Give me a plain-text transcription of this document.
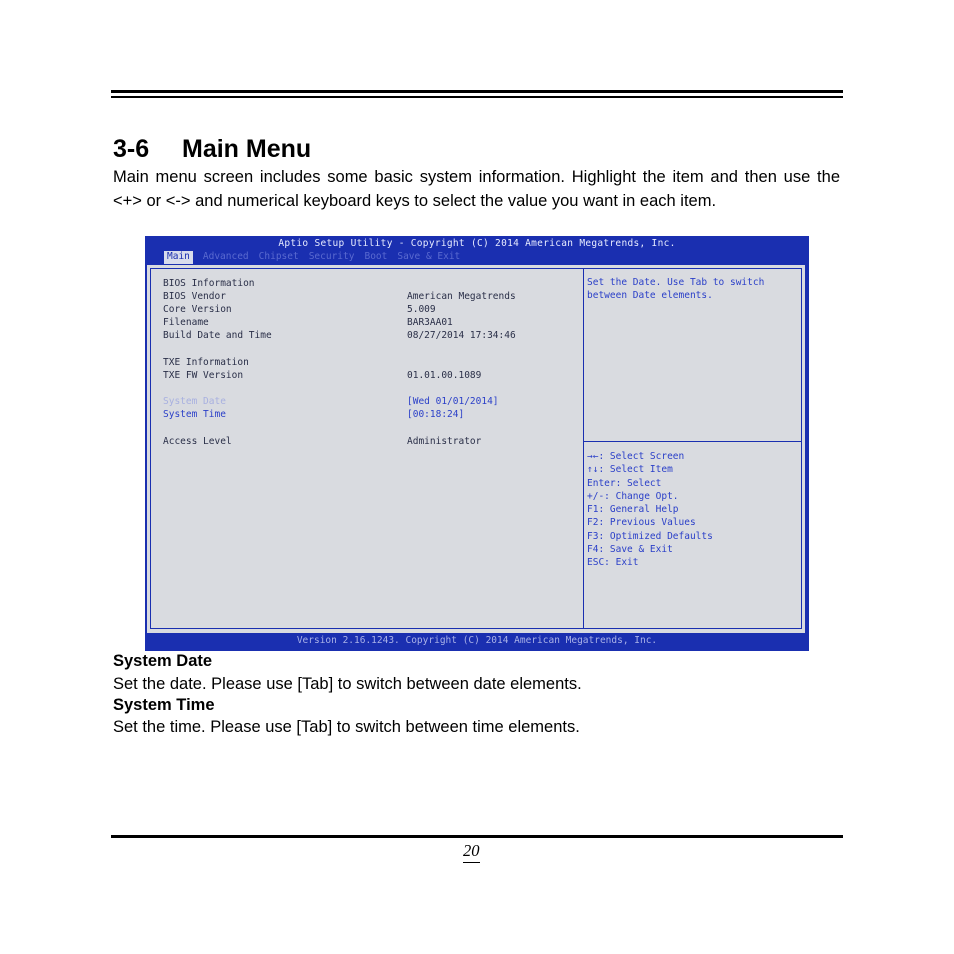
3-6 Main Menu

Main menu screen includes some basic system information. Highlight the item and then use the <+> or <-> and numerical keyboard keys to select the value you want in each item.

Aptio Setup Utility - Copyright (C) 2014 American Megatrends, Inc.
Main	Advanced Chipset Security Boot Save & Exit
BIOS Information
BIOS Vendor	American Megatrends
Core Version	5.009
Filename	BAR3AA01
Build Date and Time	08/27/2014 17:34:46
TXE Information
TXE FW Version	01.01.00.1089
System Date	[Wed 01/01/2014]
System Time	[00:18:24]
Access Level	Administrator
Set the Date. Use Tab to switch between Date elements.
→←: Select Screen
↑↓: Select Item
Enter: Select
+/-: Change Opt.
F1: General Help
F2: Previous Values
F3: Optimized Defaults
F4: Save & Exit
ESC: Exit
Version 2.16.1243. Copyright (C) 2014 American Megatrends, Inc.

System Date

Set the date. Please use [Tab] to switch between date elements.

System Time

Set the time. Please use [Tab] to switch between time elements.

20
